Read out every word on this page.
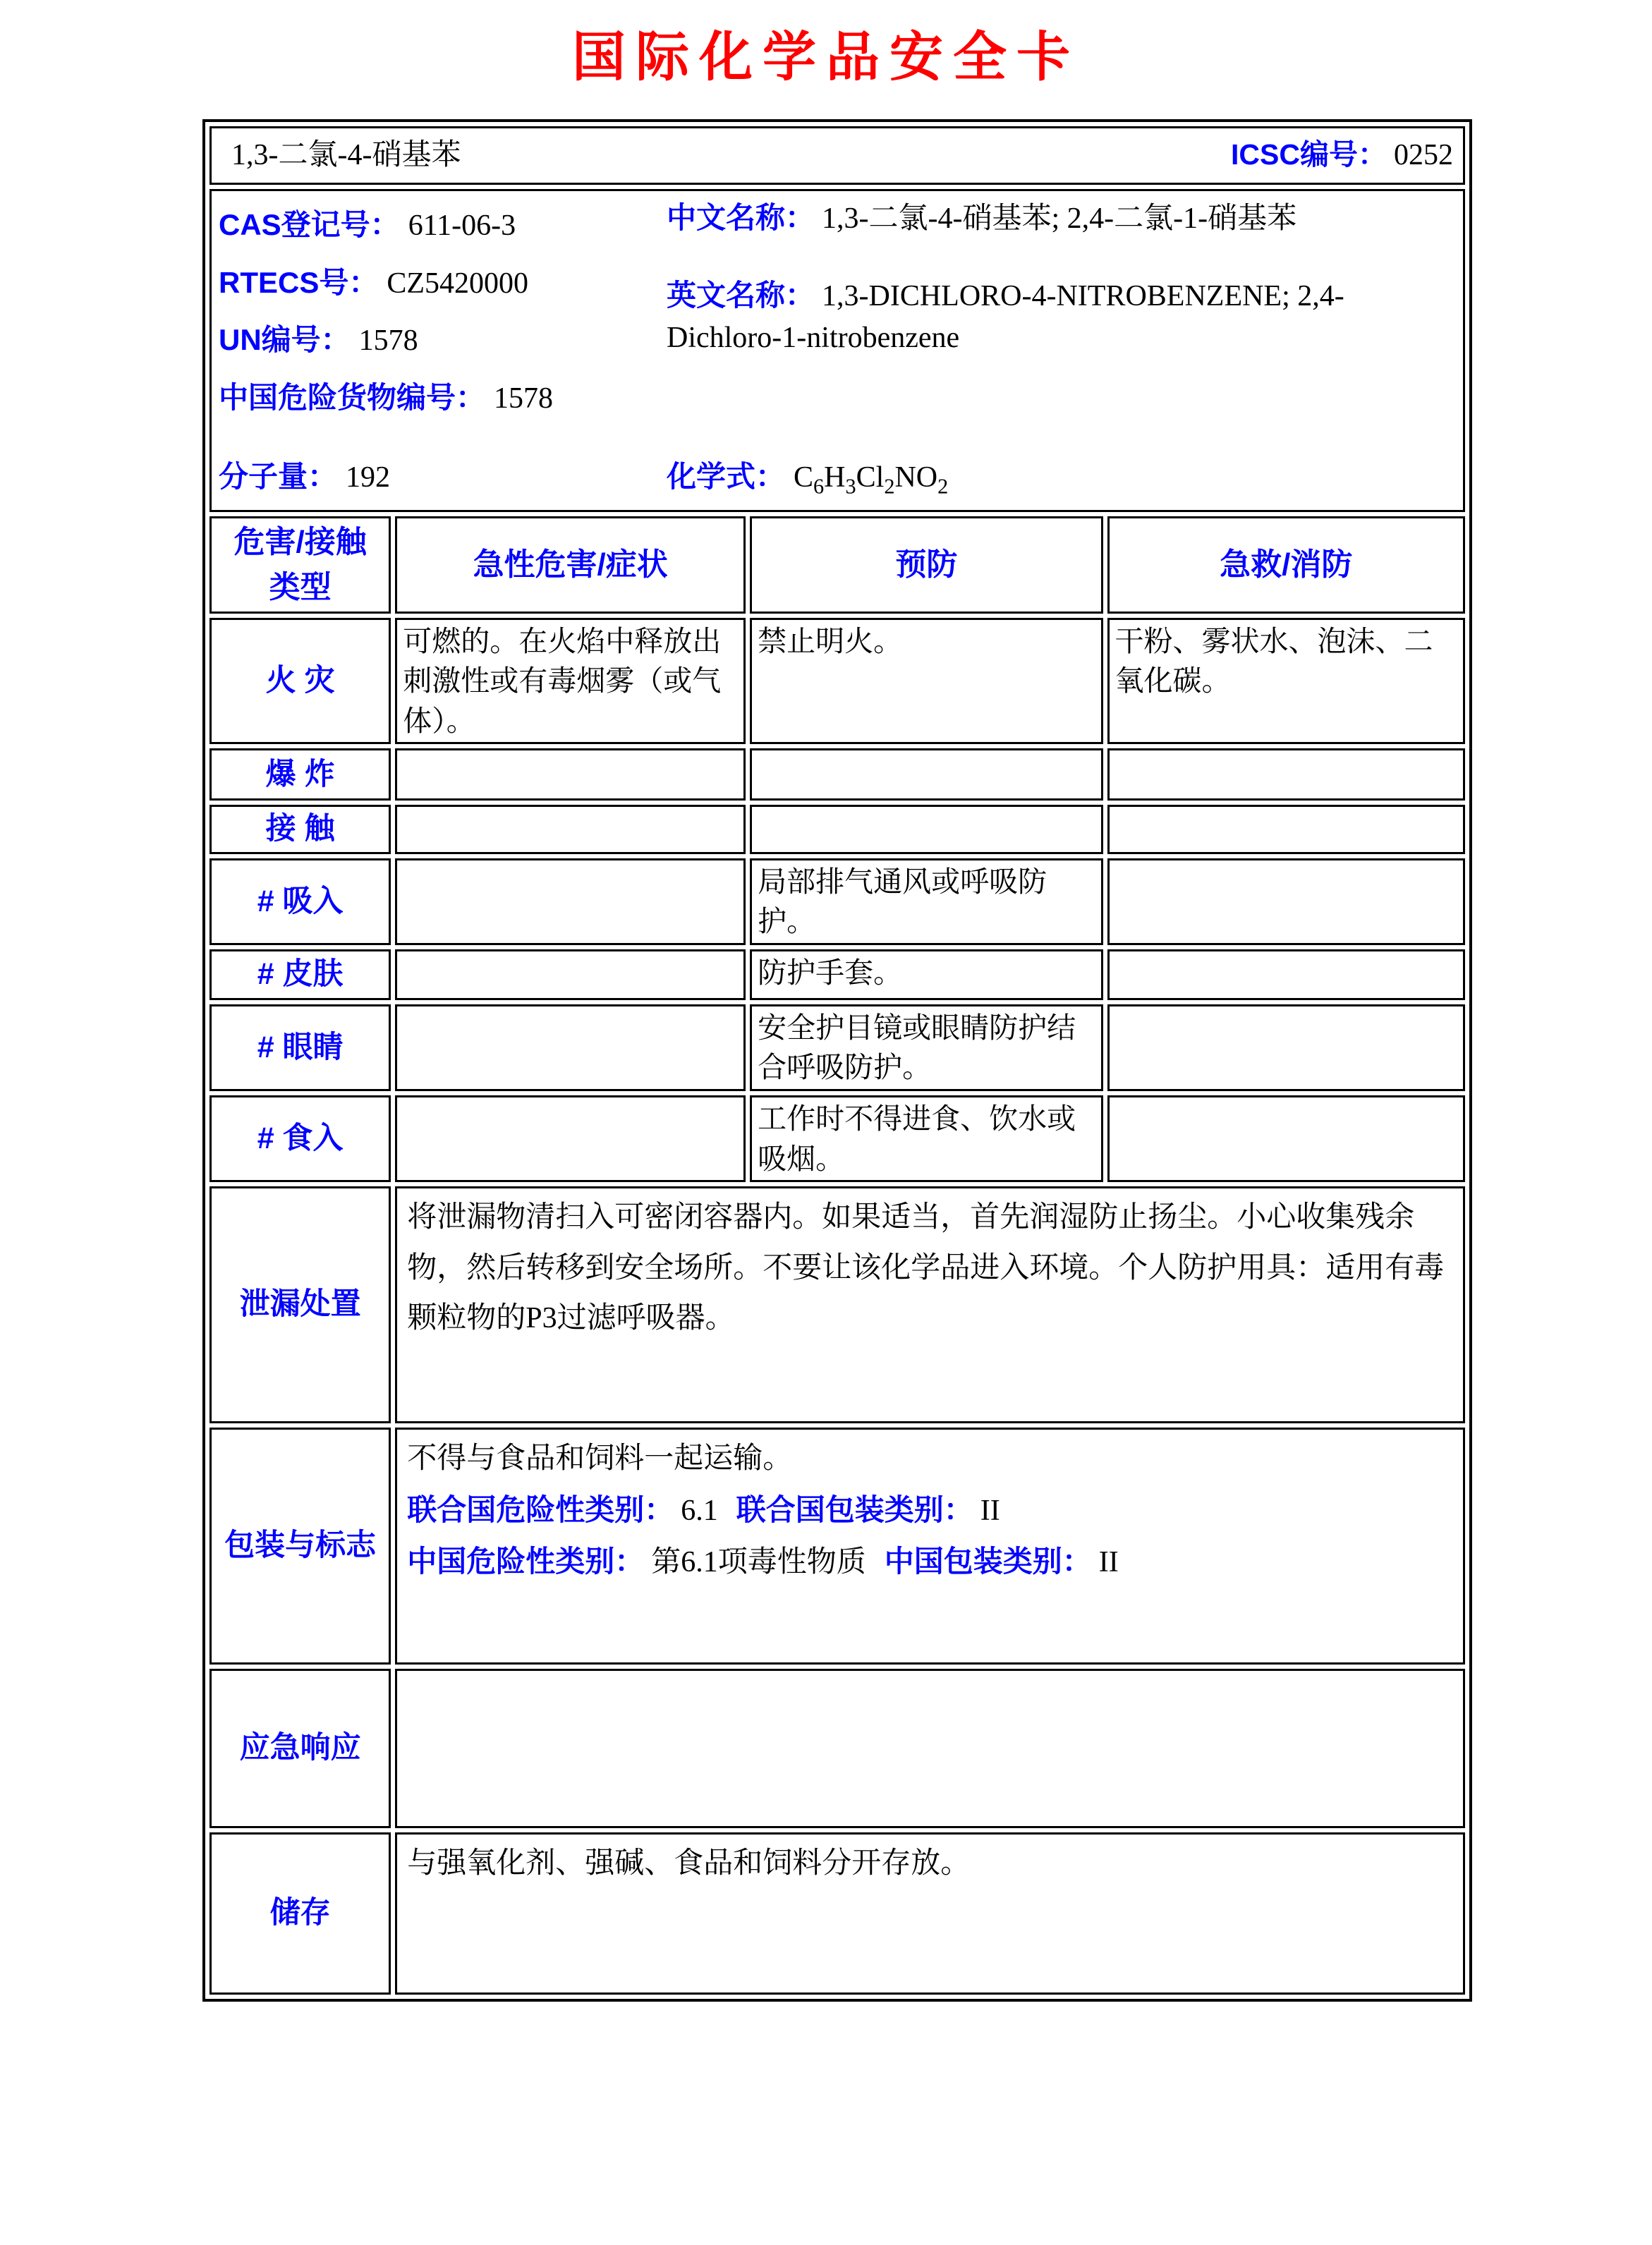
国际化学品安全卡
1,3-二氯-4-硝基苯 ICSC编号： 0252			

CAS登记号： 611-06-3
RTECS号： CZ5420000
UN编号： 1578
中国危险货物编号： 1578
中文名称： 1,3-二氯-4-硝基苯; 2,4-二氯-1-硝基苯
英文名称： 1,3-DICHLORO-4-NITROBENZENE; 2,4-Dichloro-1-nitrobenzene
分子量： 192	化学式： $C_6H_3Cl_2NO_2$

危害/接触
类型	急性危害/症状	预防	急救/消防
火 灾	可燃的。在火焰中释放出刺激性或有毒烟雾（或气体）。	禁止明火。	干粉、雾状水、泡沫、二氧化碳。
爆 炸			
接 触			
# 吸入		局部排气通风或呼吸防护。	
# 皮肤		防护手套。	
# 眼睛		安全护目镜或眼睛防护结合呼吸防护。	
# 食入		工作时不得进食、饮水或吸烟。	
泄漏处置	将泄漏物清扫入可密闭容器内。如果适当，首先润湿防止扬尘。小心收集残余物，然后转移到安全场所。不要让该化学品进入环境。个人防护用具：适用有毒颗粒物的P3过滤呼吸器。		
包装与标志	不得与食品和饲料一起运输。
联合国危险性类别： 6.1 联合国包装类别： II
中国危险性类别： 第6.1项毒性物质 中国包装类别： II		

应急响应			
储存	与强氧化剂、强碱、食品和饲料分开存放。		
